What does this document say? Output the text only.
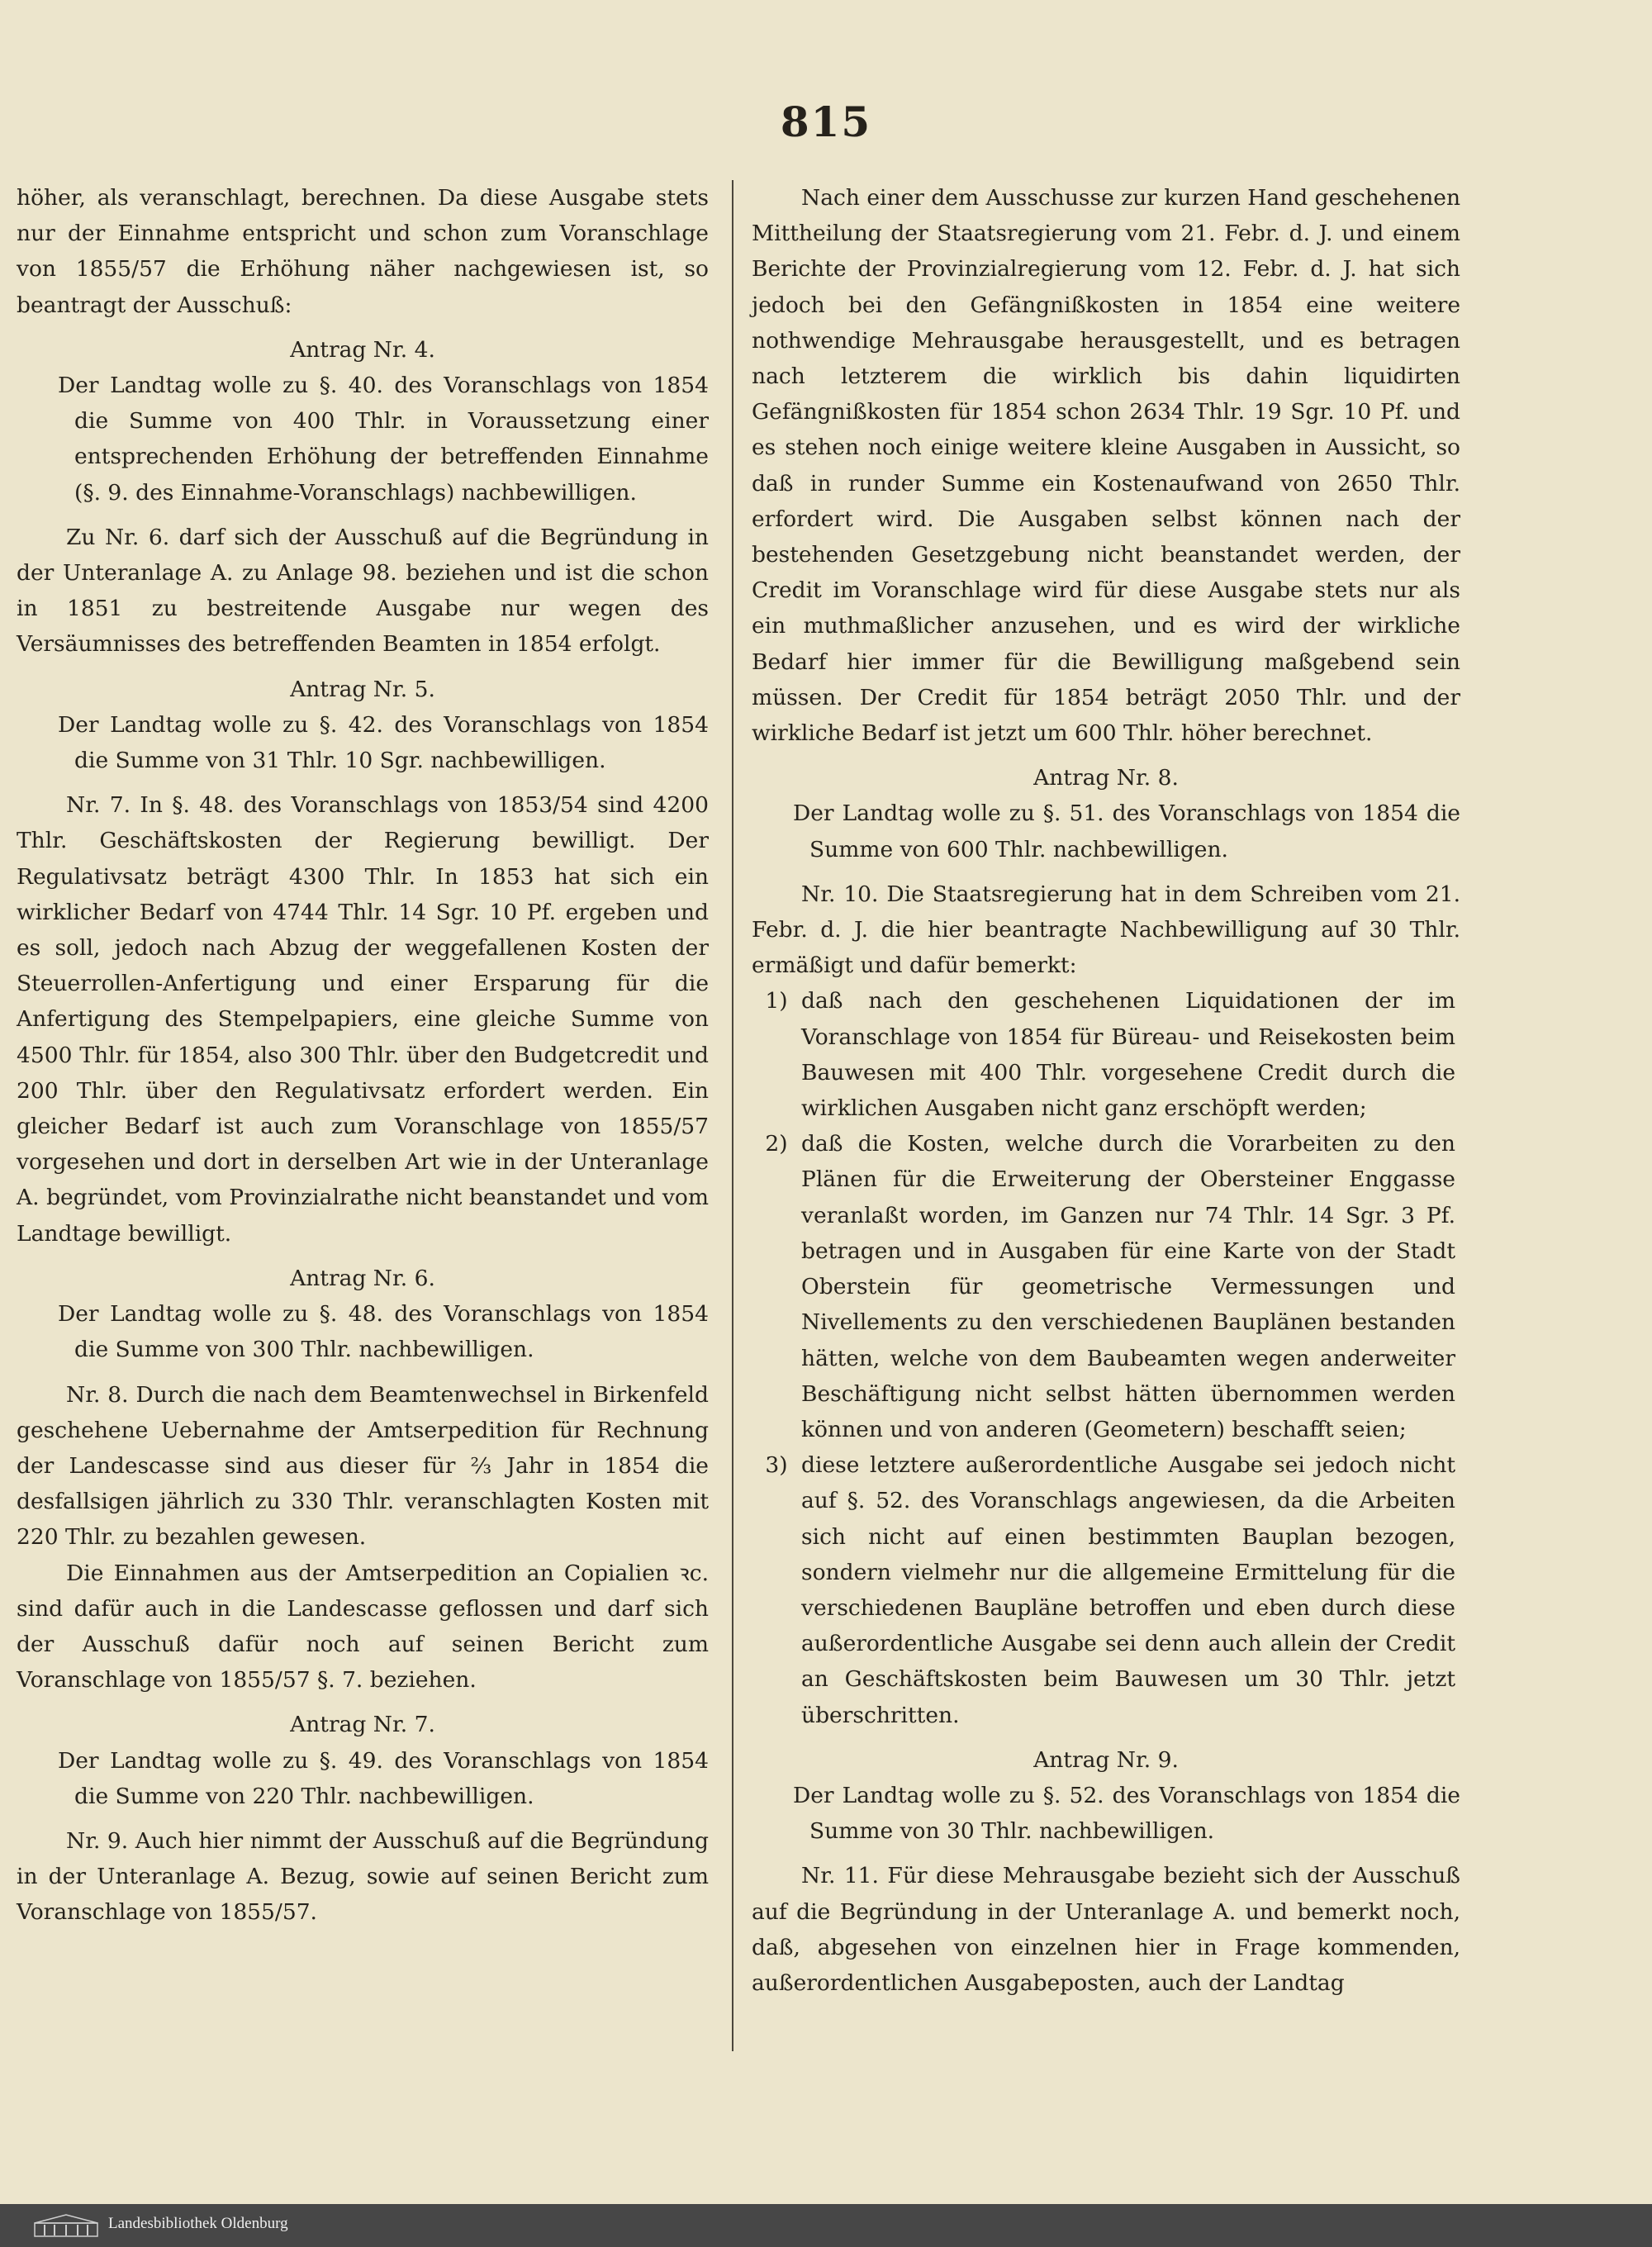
815

höher, als veranschlagt, berechnen. Da diese Ausgabe stets nur der Einnahme entspricht und schon zum Voranschlage von 1855/57 die Erhöhung näher nachgewiesen ist, so beantragt der Ausschuß:

Antrag Nr. 4.

Der Landtag wolle zu §. 40. des Voranschlags von 1854 die Summe von 400 Thlr. in Voraussetzung einer entsprechenden Erhöhung der betreffenden Einnahme (§. 9. des Einnahme-Voranschlags) nachbewilligen.

Zu Nr. 6. darf sich der Ausschuß auf die Begründung in der Unteranlage A. zu Anlage 98. beziehen und ist die schon in 1851 zu bestreitende Ausgabe nur wegen des Versäumnisses des betreffenden Beamten in 1854 erfolgt.

Antrag Nr. 5.

Der Landtag wolle zu §. 42. des Voranschlags von 1854 die Summe von 31 Thlr. 10 Sgr. nachbewilligen.

Nr. 7. In §. 48. des Voranschlags von 1853/54 sind 4200 Thlr. Geschäftskosten der Regierung bewilligt. Der Regulativsatz beträgt 4300 Thlr. In 1853 hat sich ein wirklicher Bedarf von 4744 Thlr. 14 Sgr. 10 Pf. ergeben und es soll, jedoch nach Abzug der weggefallenen Kosten der Steuerrollen-Anfertigung und einer Ersparung für die Anfertigung des Stempelpapiers, eine gleiche Summe von 4500 Thlr. für 1854, also 300 Thlr. über den Budgetcredit und 200 Thlr. über den Regulativsatz erfordert werden. Ein gleicher Bedarf ist auch zum Voranschlage von 1855/57 vorgesehen und dort in derselben Art wie in der Unteranlage A. begründet, vom Provinzialrathe nicht beanstandet und vom Landtage bewilligt.

Antrag Nr. 6.

Der Landtag wolle zu §. 48. des Voranschlags von 1854 die Summe von 300 Thlr. nachbewilligen.

Nr. 8. Durch die nach dem Beamtenwechsel in Birkenfeld geschehene Uebernahme der Amtserpedition für Rechnung der Landescasse sind aus dieser für ⅔ Jahr in 1854 die desfallsigen jährlich zu 330 Thlr. veranschlagten Kosten mit 220 Thlr. zu bezahlen gewesen.

Die Einnahmen aus der Amtserpedition an Copialien ꝛc. sind dafür auch in die Landescasse geflossen und darf sich der Ausschuß dafür noch auf seinen Bericht zum Voranschlage von 1855/57 §. 7. beziehen.

Antrag Nr. 7.

Der Landtag wolle zu §. 49. des Voranschlags von 1854 die Summe von 220 Thlr. nachbewilligen.

Nr. 9. Auch hier nimmt der Ausschuß auf die Begründung in der Unteranlage A. Bezug, sowie auf seinen Bericht zum Voranschlage von 1855/57.

Nach einer dem Ausschusse zur kurzen Hand geschehenen Mittheilung der Staatsregierung vom 21. Febr. d. J. und einem Berichte der Provinzialregierung vom 12. Febr. d. J. hat sich jedoch bei den Gefängnißkosten in 1854 eine weitere nothwendige Mehrausgabe herausgestellt, und es betragen nach letzterem die wirklich bis dahin liquidirten Gefängnißkosten für 1854 schon 2634 Thlr. 19 Sgr. 10 Pf. und es stehen noch einige weitere kleine Ausgaben in Aussicht, so daß in runder Summe ein Kostenaufwand von 2650 Thlr. erfordert wird. Die Ausgaben selbst können nach der bestehenden Gesetzgebung nicht beanstandet werden, der Credit im Voranschlage wird für diese Ausgabe stets nur als ein muthmaßlicher anzusehen, und es wird der wirkliche Bedarf hier immer für die Bewilligung maßgebend sein müssen. Der Credit für 1854 beträgt 2050 Thlr. und der wirkliche Bedarf ist jetzt um 600 Thlr. höher berechnet.

Antrag Nr. 8.

Der Landtag wolle zu §. 51. des Voranschlags von 1854 die Summe von 600 Thlr. nachbewilligen.

Nr. 10. Die Staatsregierung hat in dem Schreiben vom 21. Febr. d. J. die hier beantragte Nachbewilligung auf 30 Thlr. ermäßigt und dafür bemerkt:

1) daß nach den geschehenen Liquidationen der im Voranschlage von 1854 für Büreau- und Reisekosten beim Bauwesen mit 400 Thlr. vorgesehene Credit durch die wirklichen Ausgaben nicht ganz erschöpft werden;
2) daß die Kosten, welche durch die Vorarbeiten zu den Plänen für die Erweiterung der Obersteiner Enggasse veranlaßt worden, im Ganzen nur 74 Thlr. 14 Sgr. 3 Pf. betragen und in Ausgaben für eine Karte von der Stadt Oberstein für geometrische Vermessungen und Nivellements zu den verschiedenen Bauplänen bestanden hätten, welche von dem Baubeamten wegen anderweiter Beschäftigung nicht selbst hätten übernommen werden können und von anderen (Geometern) beschafft seien;
3) diese letztere außerordentliche Ausgabe sei jedoch nicht auf §. 52. des Voranschlags angewiesen, da die Arbeiten sich nicht auf einen bestimmten Bauplan bezogen, sondern vielmehr nur die allgemeine Ermittelung für die verschiedenen Baupläne betroffen und eben durch diese außerordentliche Ausgabe sei denn auch allein der Credit an Geschäftskosten beim Bauwesen um 30 Thlr. jetzt überschritten.

Antrag Nr. 9.

Der Landtag wolle zu §. 52. des Voranschlags von 1854 die Summe von 30 Thlr. nachbewilligen.

Nr. 11. Für diese Mehrausgabe bezieht sich der Ausschuß auf die Begründung in der Unteranlage A. und bemerkt noch, daß, abgesehen von einzelnen hier in Frage kommenden, außerordentlichen Ausgabeposten, auch der Landtag

Landesbibliothek Oldenburg
